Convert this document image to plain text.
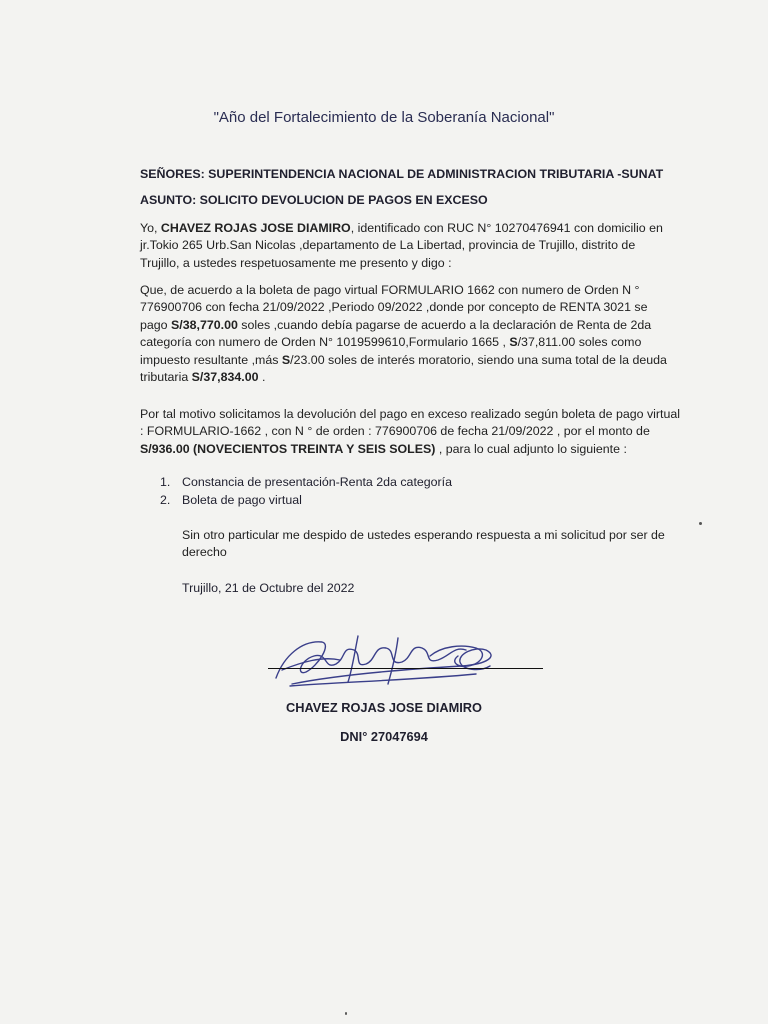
"Año del Fortalecimiento de la Soberanía Nacional"
SEÑORES: SUPERINTENDENCIA NACIONAL DE ADMINISTRACION TRIBUTARIA -SUNAT
ASUNTO: SOLICITO DEVOLUCION DE PAGOS EN EXCESO
Yo, CHAVEZ ROJAS JOSE DIAMIRO, identificado con RUC N° 10270476941 con domicilio en jr.Tokio 265 Urb.San Nicolas ,departamento de La Libertad, provincia de Trujillo, distrito de Trujillo, a ustedes respetuosamente me presento y digo :
Que, de acuerdo a la boleta de pago virtual FORMULARIO 1662 con numero de Orden N ° 776900706 con fecha 21/09/2022 ,Periodo 09/2022 ,donde por concepto de RENTA 3021 se pago S/38,770.00 soles ,cuando debía pagarse de acuerdo a la declaración de Renta de 2da categoría con numero de Orden N° 1019599610,Formulario 1665 , S/37,811.00 soles como impuesto resultante ,más S/23.00 soles de interés moratorio, siendo una suma total de la deuda tributaria S/37,834.00 .
Por tal motivo solicitamos la devolución del pago en exceso realizado según boleta de pago virtual : FORMULARIO-1662 , con N ° de orden : 776900706 de fecha 21/09/2022 , por el monto de S/936.00 (NOVECIENTOS TREINTA Y SEIS SOLES) , para lo cual adjunto lo siguiente :
1. Constancia de presentación-Renta 2da categoría
2. Boleta de pago virtual
Sin otro particular me despido de ustedes esperando respuesta a mi solicitud por ser de derecho
Trujillo, 21 de Octubre del 2022
CHAVEZ ROJAS JOSE DIAMIRO
DNI° 27047694
